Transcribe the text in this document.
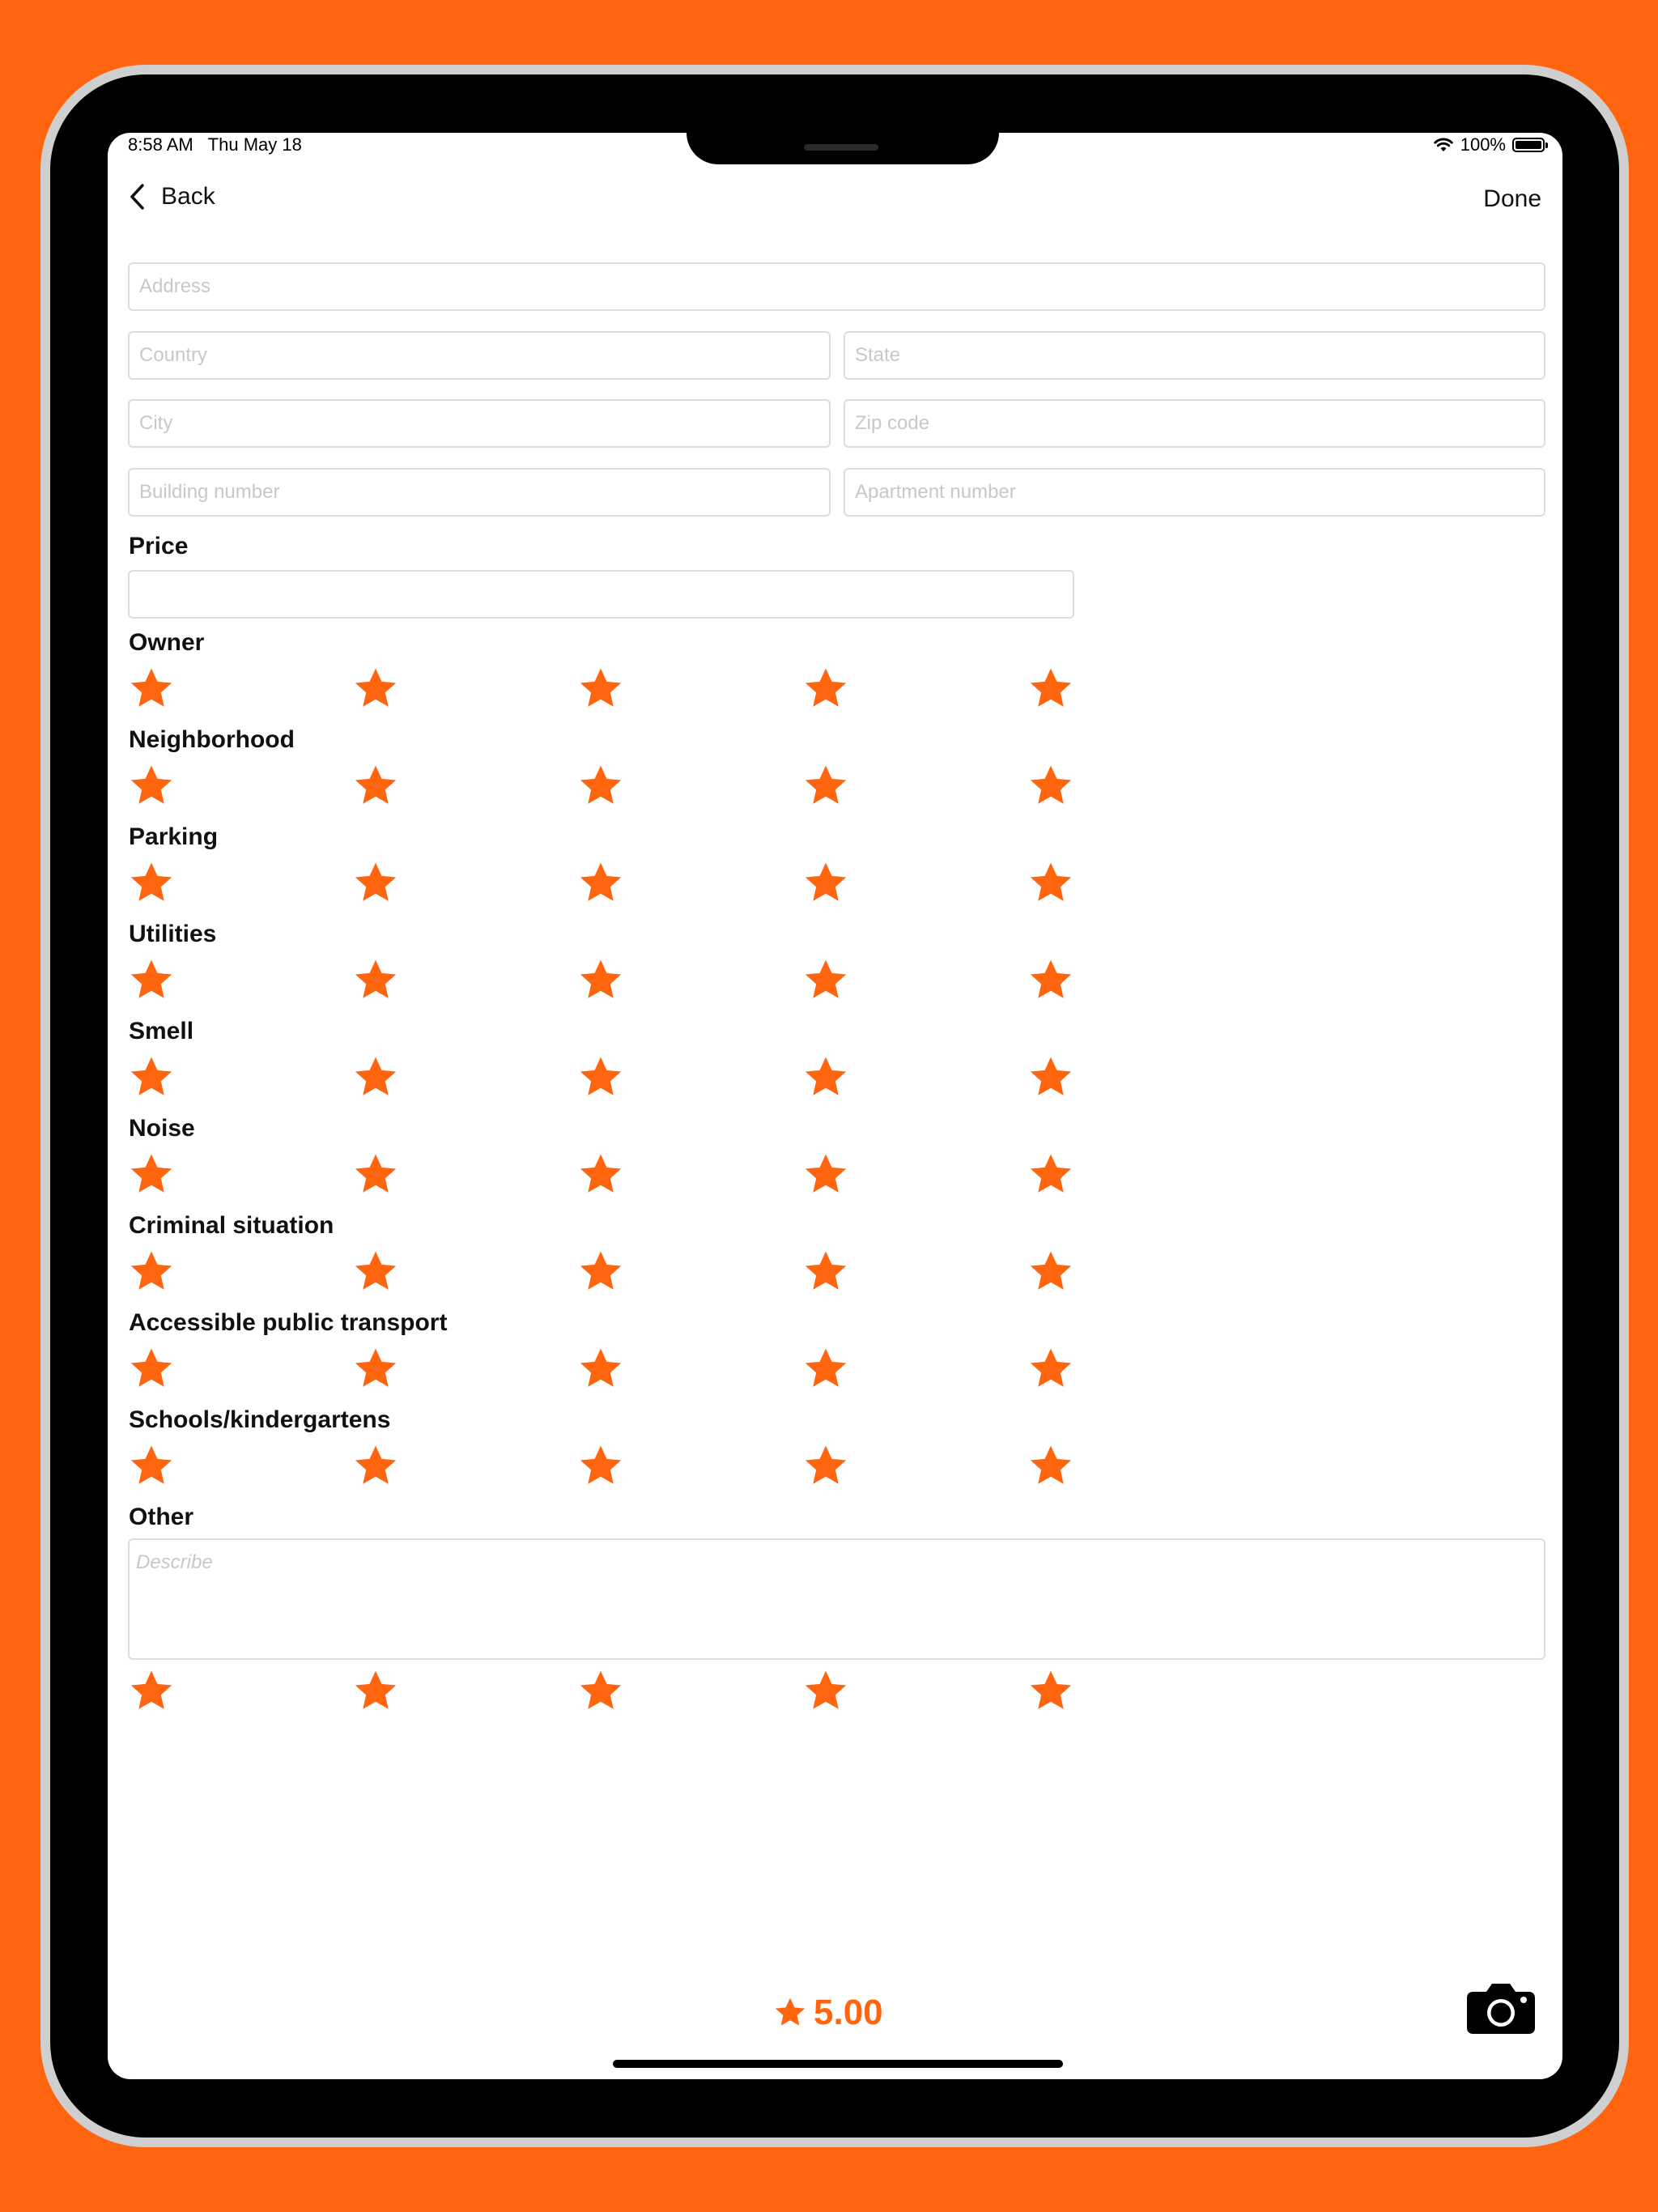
8:58 AM Thu May 18	100%
Back	Done
Address
Country
State
City
Zip code
Building number
Apartment number
Price
Owner
Neighborhood
Parking
Utilities
Smell
Noise
Criminal situation
Accessible public transport
Schools/kindergartens
Other
Describe
5.00
